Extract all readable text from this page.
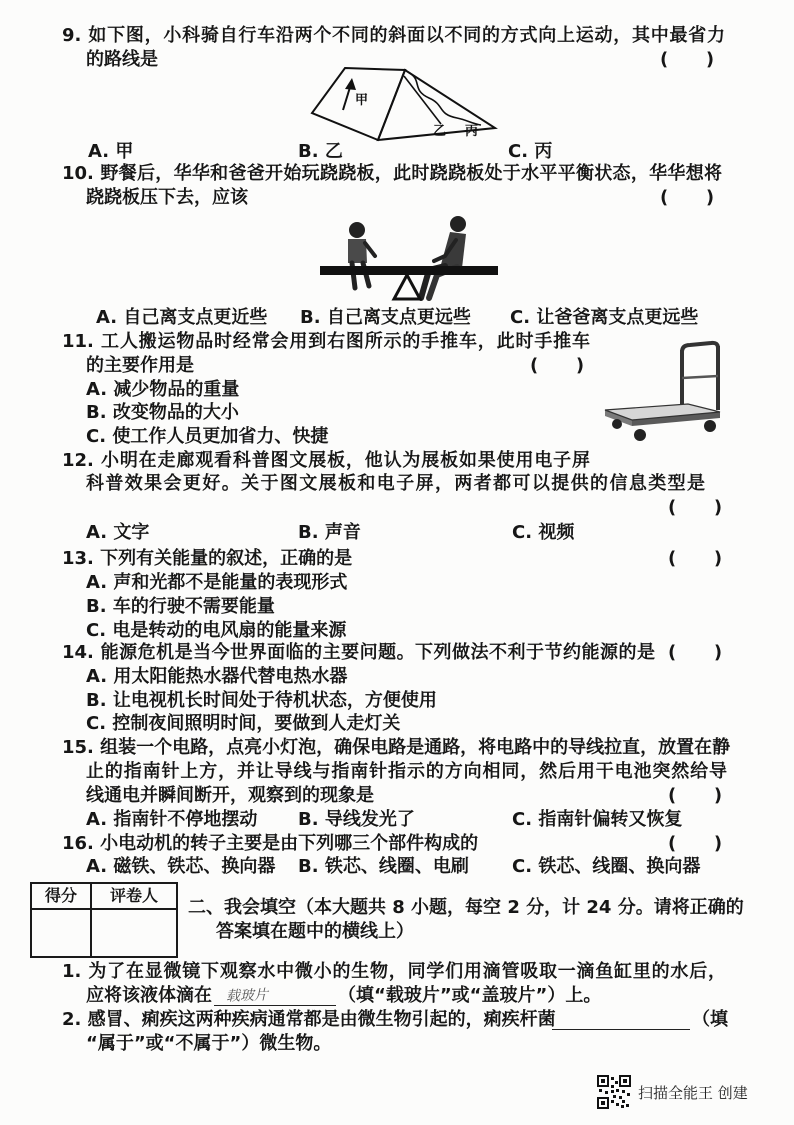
9. 如下图，小科骑自行车沿两个不同的斜面以不同的方式向上运动，其中最省力
的路线是	(      )
甲
乙 丙
A. 甲	B. 乙	C. 丙
10. 野餐后，华华和爸爸开始玩跷跷板，此时跷跷板处于水平平衡状态，华华想将
跷跷板压下去，应该	(      )
A. 自己离支点更近些 B. 自己离支点更远些 C. 让爸爸离支点更远些
11. 工人搬运物品时经常会用到右图所示的手推车，此时手推车
的主要作用是	(      )
A. 减少物品的重量
B. 改变物品的大小
C. 使工作人员更加省力、快捷
12. 小明在走廊观看科普图文展板，他认为展板如果使用电子屏
科普效果会更好。关于图文展板和电子屏，两者都可以提供的信息类型是
(      )
A. 文字	B. 声音	C. 视频
13. 下列有关能量的叙述，正确的是	(      )
A. 声和光都不是能量的表现形式
B. 车的行驶不需要能量
C. 电是转动的电风扇的能量来源
14. 能源危机是当今世界面临的主要问题。下列做法不利于节约能源的是 (      )
A. 用太阳能热水器代替电热水器
B. 让电视机长时间处于待机状态，方便使用
C. 控制夜间照明时间，要做到人走灯关
15. 组装一个电路，点亮小灯泡，确保电路是通路，将电路中的导线拉直，放置在静
止的指南针上方，并让导线与指南针指示的方向相同，然后用干电池突然给导
线通电并瞬间断开，观察到的现象是	(      )
A. 指南针不停地摆动 B. 导线发光了	C. 指南针偏转又恢复
16. 小电动机的转子主要是由下列哪三个部件构成的	(      )
A. 磁铁、铁芯、换向器 B. 铁芯、线圈、电刷 C. 铁芯、线圈、换向器
得分	评卷人
二、我会填空（本大题共 8 小题，每空 2 分，计 24 分。请将正确的
答案填在题中的横线上）
1. 为了在显微镜下观察水中微小的生物，同学们用滴管吸取一滴鱼缸里的水后，
应将该液体滴在 载玻片	（填“载玻片”或“盖玻片”）上。
2. 感冒、痢疾这两种疾病通常都是由微生物引起的，痢疾杆菌	（填
“属于”或“不属于”）微生物。
扫描全能王 创建
